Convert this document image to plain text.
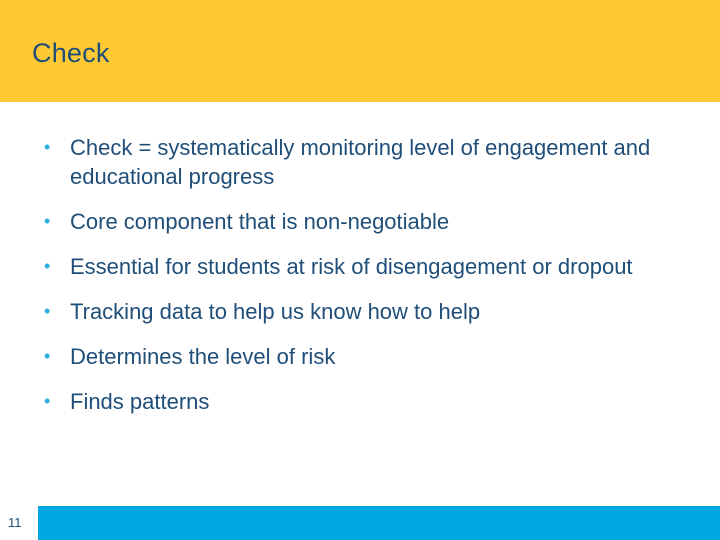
Check
• Check = systematically monitoring level of engagement and educational progress
• Core component that is non-negotiable
• Essential for students at risk of disengagement or dropout
• Tracking data to help us know how to help
• Determines the level of risk
• Finds patterns
11
